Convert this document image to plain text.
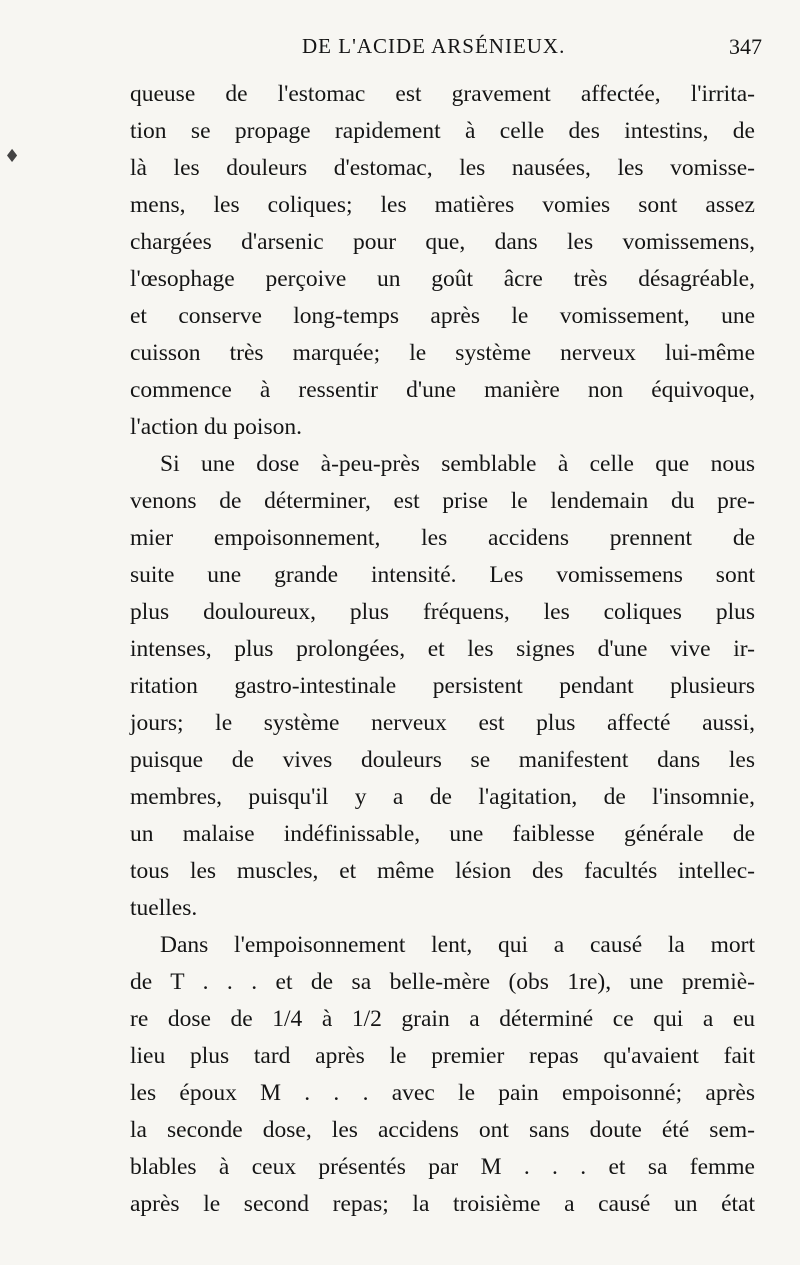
DE L'ACIDE ARSÉNIEUX.	347
♦
queuse de l'estomac est gravement affectée, l'irrita-
tion se propage rapidement à celle des intestins, de
là les douleurs d'estomac, les nausées, les vomisse-
mens, les coliques; les matières vomies sont assez
chargées d'arsenic pour que, dans les vomissemens,
l'œsophage perçoive un goût âcre très désagréable,
et conserve long-temps après le vomissement, une
cuisson très marquée; le système nerveux lui-même
commence à ressentir d'une manière non équivoque,
l'action du poison.
Si une dose à-peu-près semblable à celle que nous
venons de déterminer, est prise le lendemain du pre-
mier empoisonnement, les accidens prennent de
suite une grande intensité. Les vomissemens sont
plus douloureux, plus fréquens, les coliques plus
intenses, plus prolongées, et les signes d'une vive ir-
ritation gastro-intestinale persistent pendant plusieurs
jours; le système nerveux est plus affecté aussi,
puisque de vives douleurs se manifestent dans les
membres, puisqu'il y a de l'agitation, de l'insomnie,
un malaise indéfinissable, une faiblesse générale de
tous les muscles, et même lésion des facultés intellec-
tuelles.
Dans l'empoisonnement lent, qui a causé la mort
de T . . . et de sa belle-mère (obs 1re), une premiè-
re dose de 1/4 à 1/2 grain a déterminé ce qui a eu
lieu plus tard après le premier repas qu'avaient fait
les époux M . . . avec le pain empoisonné; après
la seconde dose, les accidens ont sans doute été sem-
blables à ceux présentés par M . . . et sa femme
après le second repas; la troisième a causé un état
